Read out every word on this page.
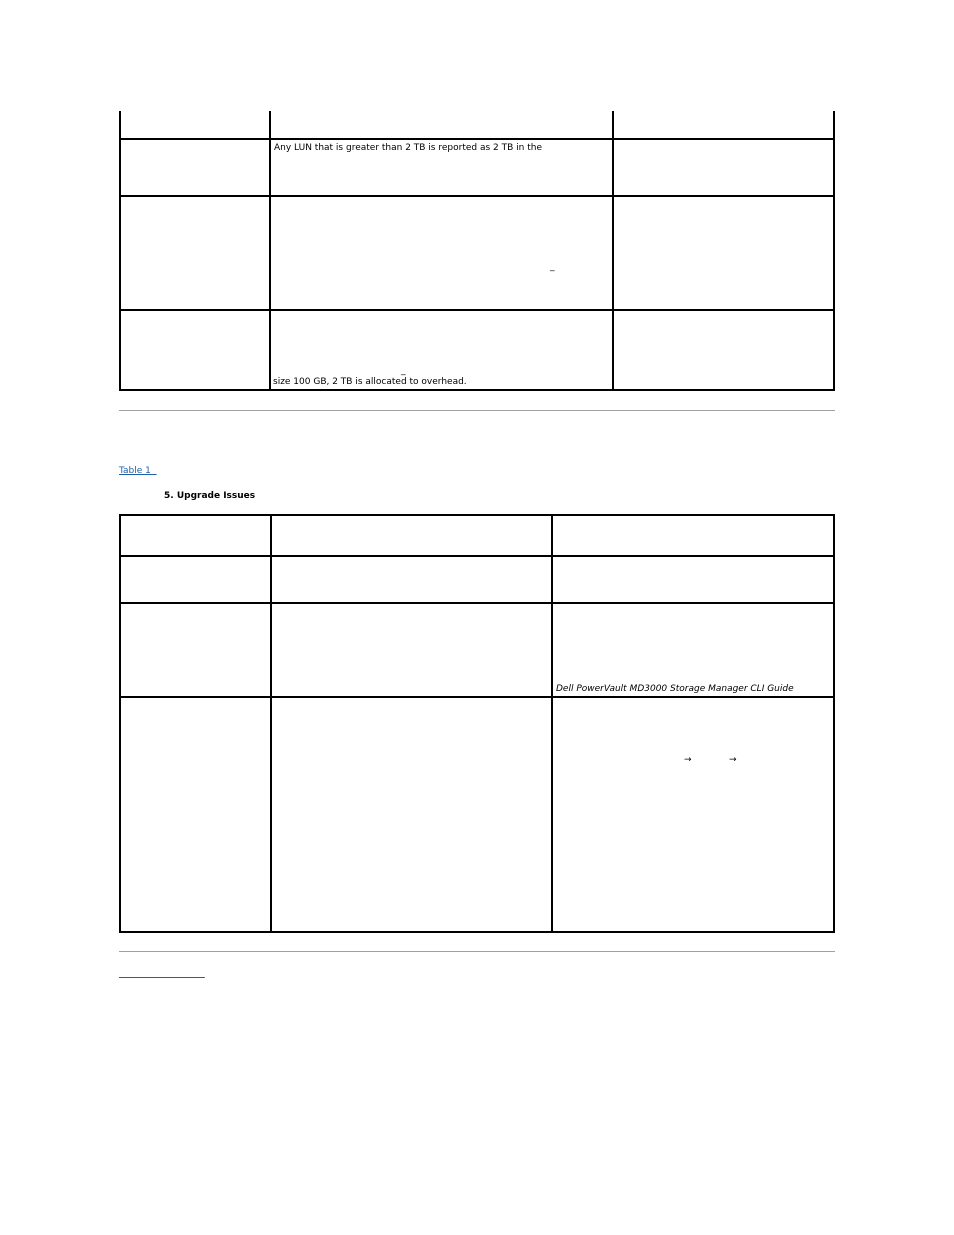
Any LUN that is greater than 2 TB is reported as 2 TB in the
_
_
size 100 GB, 2 TB is allocated to overhead.
Table 1
5. Upgrade Issues
Dell PowerVault MD3000 Storage Manager CLI Guide
→	→
